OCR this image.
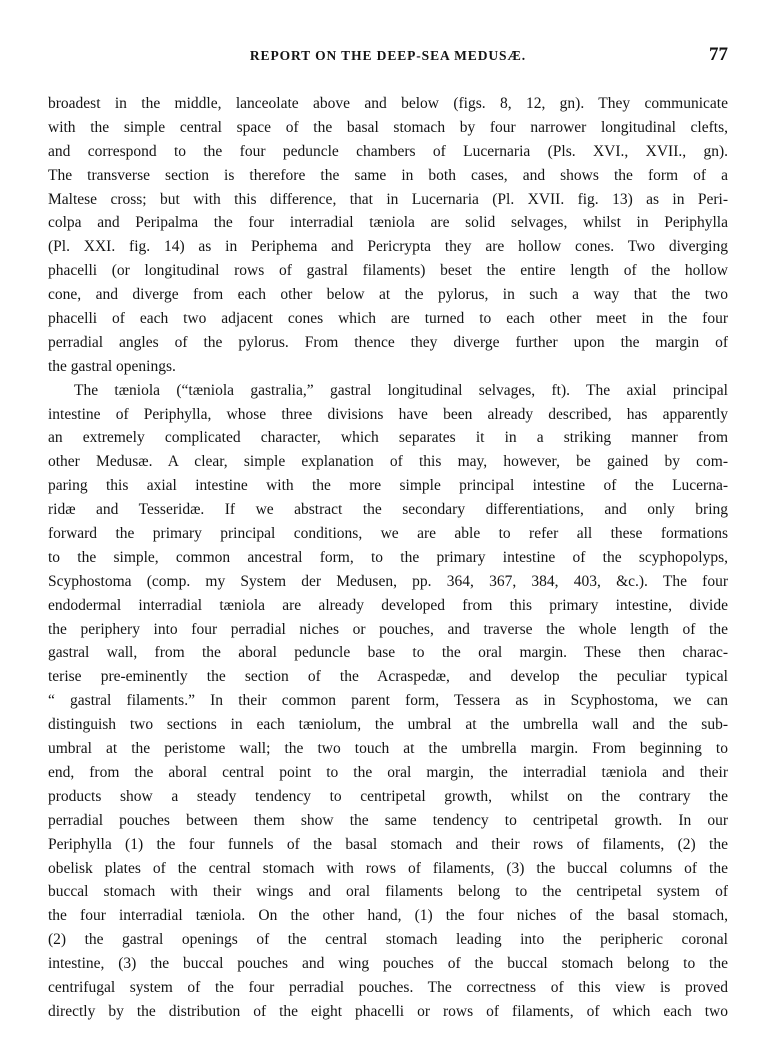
REPORT ON THE DEEP-SEA MEDUSÆ.	77
broadest in the middle, lanceolate above and below (figs. 8, 12, gn). They communicate
with the simple central space of the basal stomach by four narrower longitudinal clefts,
and correspond to the four peduncle chambers of Lucernaria (Pls. XVI., XVII., gn).
The transverse section is therefore the same in both cases, and shows the form of a
Maltese cross; but with this difference, that in Lucernaria (Pl. XVII. fig. 13) as in Peri-
colpa and Peripalma the four interradial tæniola are solid selvages, whilst in Periphylla
(Pl. XXI. fig. 14) as in Periphema and Pericrypta they are hollow cones. Two diverging
phacelli (or longitudinal rows of gastral filaments) beset the entire length of the hollow
cone, and diverge from each other below at the pylorus, in such a way that the two
phacelli of each two adjacent cones which are turned to each other meet in the four
perradial angles of the pylorus. From thence they diverge further upon the margin of
the gastral openings.
The tæniola (“tæniola gastralia,” gastral longitudinal selvages, ft). The axial principal
intestine of Periphylla, whose three divisions have been already described, has apparently
an extremely complicated character, which separates it in a striking manner from
other Medusæ. A clear, simple explanation of this may, however, be gained by com-
paring this axial intestine with the more simple principal intestine of the Lucerna-
ridæ and Tesseridæ. If we abstract the secondary differentiations, and only bring
forward the primary principal conditions, we are able to refer all these formations
to the simple, common ancestral form, to the primary intestine of the scyphopolyps,
Scyphostoma (comp. my System der Medusen, pp. 364, 367, 384, 403, &c.). The four
endodermal interradial tæniola are already developed from this primary intestine, divide
the periphery into four perradial niches or pouches, and traverse the whole length of the
gastral wall, from the aboral peduncle base to the oral margin. These then charac-
terise pre-eminently the section of the Acraspedæ, and develop the peculiar typical
“ gastral filaments.” In their common parent form, Tessera as in Scyphostoma, we can
distinguish two sections in each tæniolum, the umbral at the umbrella wall and the sub-
umbral at the peristome wall; the two touch at the umbrella margin. From beginning to
end, from the aboral central point to the oral margin, the interradial tæniola and their
products show a steady tendency to centripetal growth, whilst on the contrary the
perradial pouches between them show the same tendency to centripetal growth. In our
Periphylla (1) the four funnels of the basal stomach and their rows of filaments, (2) the
obelisk plates of the central stomach with rows of filaments, (3) the buccal columns of the
buccal stomach with their wings and oral filaments belong to the centripetal system of
the four interradial tæniola. On the other hand, (1) the four niches of the basal stomach,
(2) the gastral openings of the central stomach leading into the peripheric coronal
intestine, (3) the buccal pouches and wing pouches of the buccal stomach belong to the
centrifugal system of the four perradial pouches. The correctness of this view is proved
directly by the distribution of the eight phacelli or rows of filaments, of which each two
